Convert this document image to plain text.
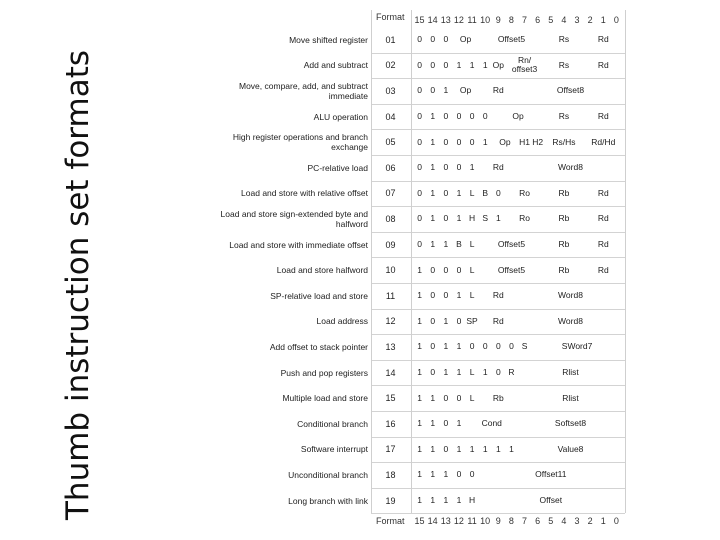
Thumb instruction set formats
Format 15 14 13 12 11 10 9 8 7 6 5 4 3 2 1 0
Move shifted register	01	0 0 0	Op	Offset5	Rs	Rd
Add and subtract	02	0 0 0 1 1 1 Op	Rn/ offset3	Rs	Rd
Move, compare, add, and subtract immediate	03	0 0 1	Op	Rd	Offset8
ALU operation	04	0 1 0 0 0 0	Op	Rs	Rd
High register operations and branch exchange	05	0 1 0 0 0 1	Op	H1 H2	Rs/Hs	Rd/Hd
PC-relative load	06	0 1 0 0 1	Rd	Word8
Load and store with relative offset	07	0 1 0 1 L B 0	Ro	Rb	Rd
Load and store sign-extended byte and halfword	08	0 1 0 1 H S 1	Ro	Rb	Rd
Load and store with immediate offset	09	0 1 1 B L	Offset5	Rb	Rd
Load and store halfword	10	1 0 0 0 L	Offset5	Rb	Rd
SP-relative load and store	11	1 0 0 1 L	Rd	Word8
Load address	12	1 0 1 0 SP	Rd	Word8
Add offset to stack pointer	13	1 0 1 1 0 0 0 0 S	SWord7
Push and pop registers	14	1 0 1 1 L 1 0 R	Rlist
Multiple load and store	15	1 1 0 0 L	Rb	Rlist
Conditional branch	16	1 1 0 1	Cond	Softset8
Software interrupt	17	1 1 0 1 1 1 1 1	Value8
Unconditional branch	18	1 1 1 0 0	Offset11
Long branch with link	19	1 1 1 1 H	Offset
Format 15 14 13 12 11 10 9 8 7 6 5 4 3 2 1 0
